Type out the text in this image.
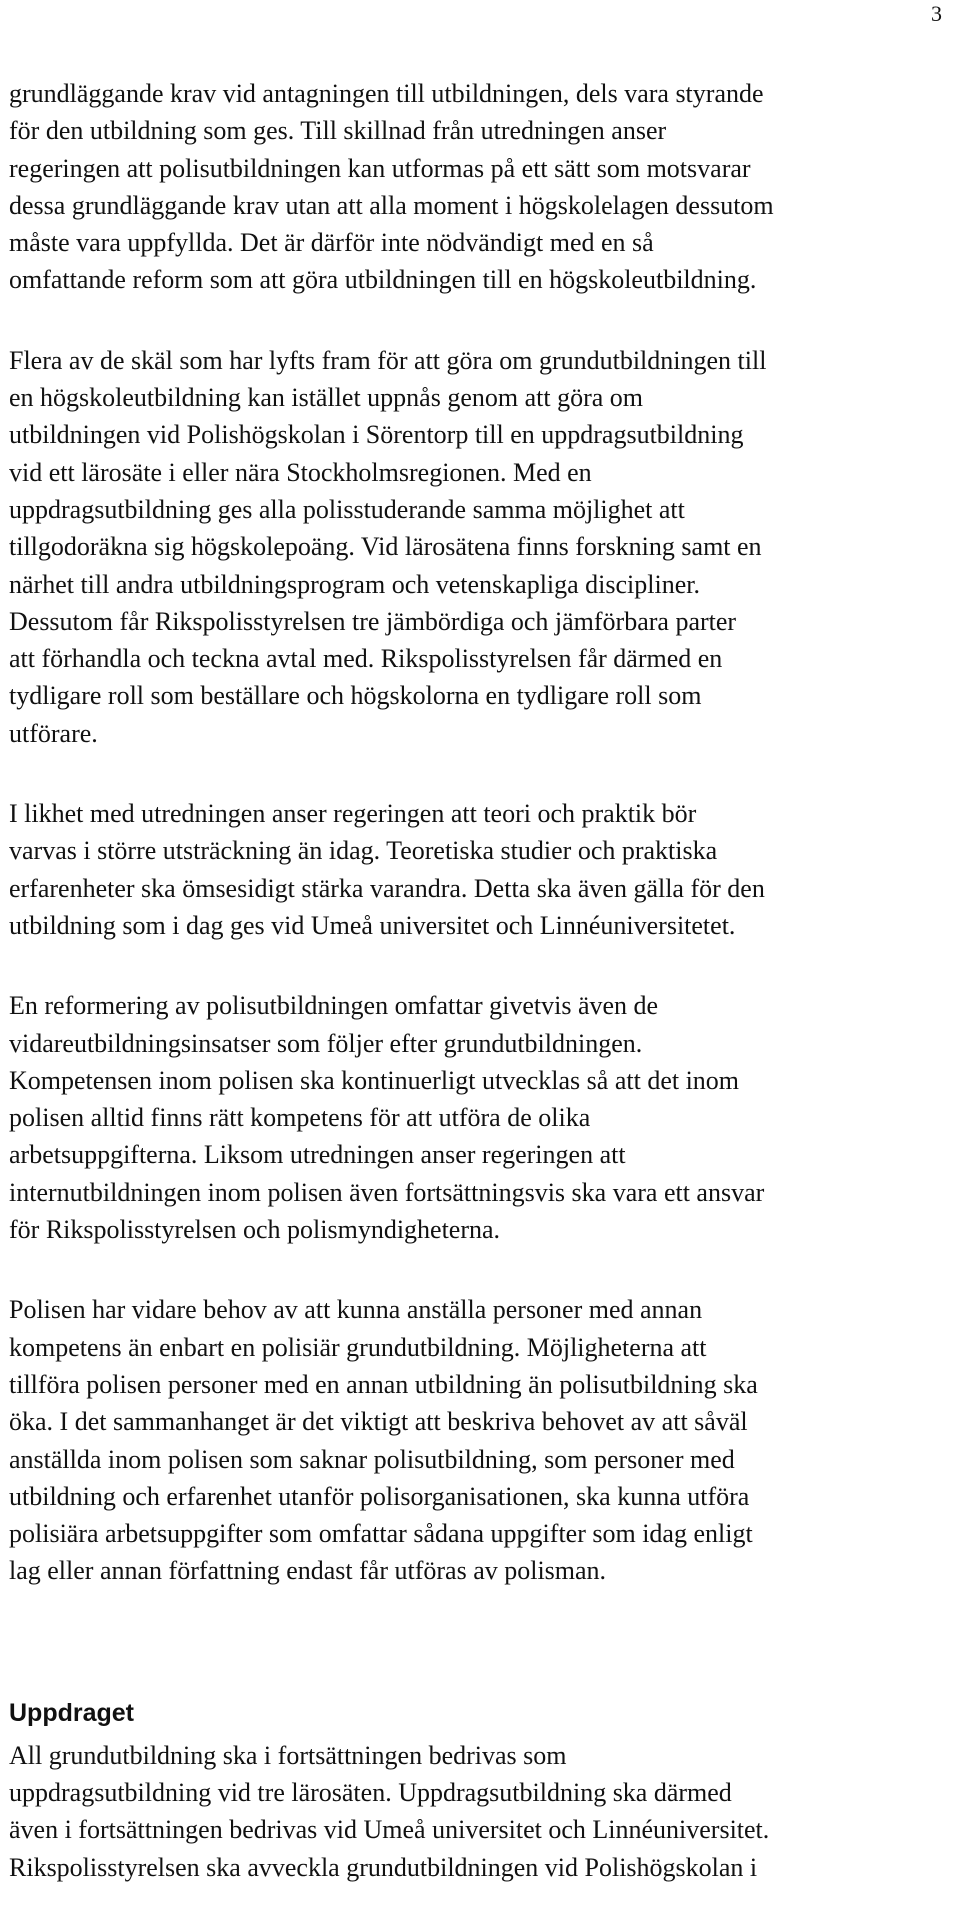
3

grundläggande krav vid antagningen till utbildningen, dels vara styrande
för den utbildning som ges. Till skillnad från utredningen anser
regeringen att polisutbildningen kan utformas på ett sätt som motsvarar
dessa grundläggande krav utan att alla moment i högskolelagen dessutom
måste vara uppfyllda. Det är därför inte nödvändigt med en så
omfattande reform som att göra utbildningen till en högskoleutbildning.

Flera av de skäl som har lyfts fram för att göra om grundutbildningen till
en högskoleutbildning kan istället uppnås genom att göra om
utbildningen vid Polishögskolan i Sörentorp till en uppdragsutbildning
vid ett lärosäte i eller nära Stockholmsregionen. Med en
uppdragsutbildning ges alla polisstuderande samma möjlighet att
tillgodoräkna sig högskolepoäng. Vid lärosätena finns forskning samt en
närhet till andra utbildningsprogram och vetenskapliga discipliner.
Dessutom får Rikspolisstyrelsen tre jämbördiga och jämförbara parter
att förhandla och teckna avtal med. Rikspolisstyrelsen får därmed en
tydligare roll som beställare och högskolorna en tydligare roll som
utförare.

I likhet med utredningen anser regeringen att teori och praktik bör
varvas i större utsträckning än idag. Teoretiska studier och praktiska
erfarenheter ska ömsesidigt stärka varandra. Detta ska även gälla för den
utbildning som i dag ges vid Umeå universitet och Linnéuniversitetet.

En reformering av polisutbildningen omfattar givetvis även de
vidareutbildningsinsatser som följer efter grundutbildningen.
Kompetensen inom polisen ska kontinuerligt utvecklas så att det inom
polisen alltid finns rätt kompetens för att utföra de olika
arbetsuppgifterna. Liksom utredningen anser regeringen att
internutbildningen inom polisen även fortsättningsvis ska vara ett ansvar
för Rikspolisstyrelsen och polismyndigheterna.

Polisen har vidare behov av att kunna anställa personer med annan
kompetens än enbart en polisiär grundutbildning. Möjligheterna att
tillföra polisen personer med en annan utbildning än polisutbildning ska
öka. I det sammanhanget är det viktigt att beskriva behovet av att såväl
anställda inom polisen som saknar polisutbildning, som personer med
utbildning och erfarenhet utanför polisorganisationen, ska kunna utföra
polisiära arbetsuppgifter som omfattar sådana uppgifter som idag enligt
lag eller annan författning endast får utföras av polisman.

Uppdraget

All grundutbildning ska i fortsättningen bedrivas som
uppdragsutbildning vid tre lärosäten. Uppdragsutbildning ska därmed
även i fortsättningen bedrivas vid Umeå universitet och Linnéuniversitet.
Rikspolisstyrelsen ska avveckla grundutbildningen vid Polishögskolan i
